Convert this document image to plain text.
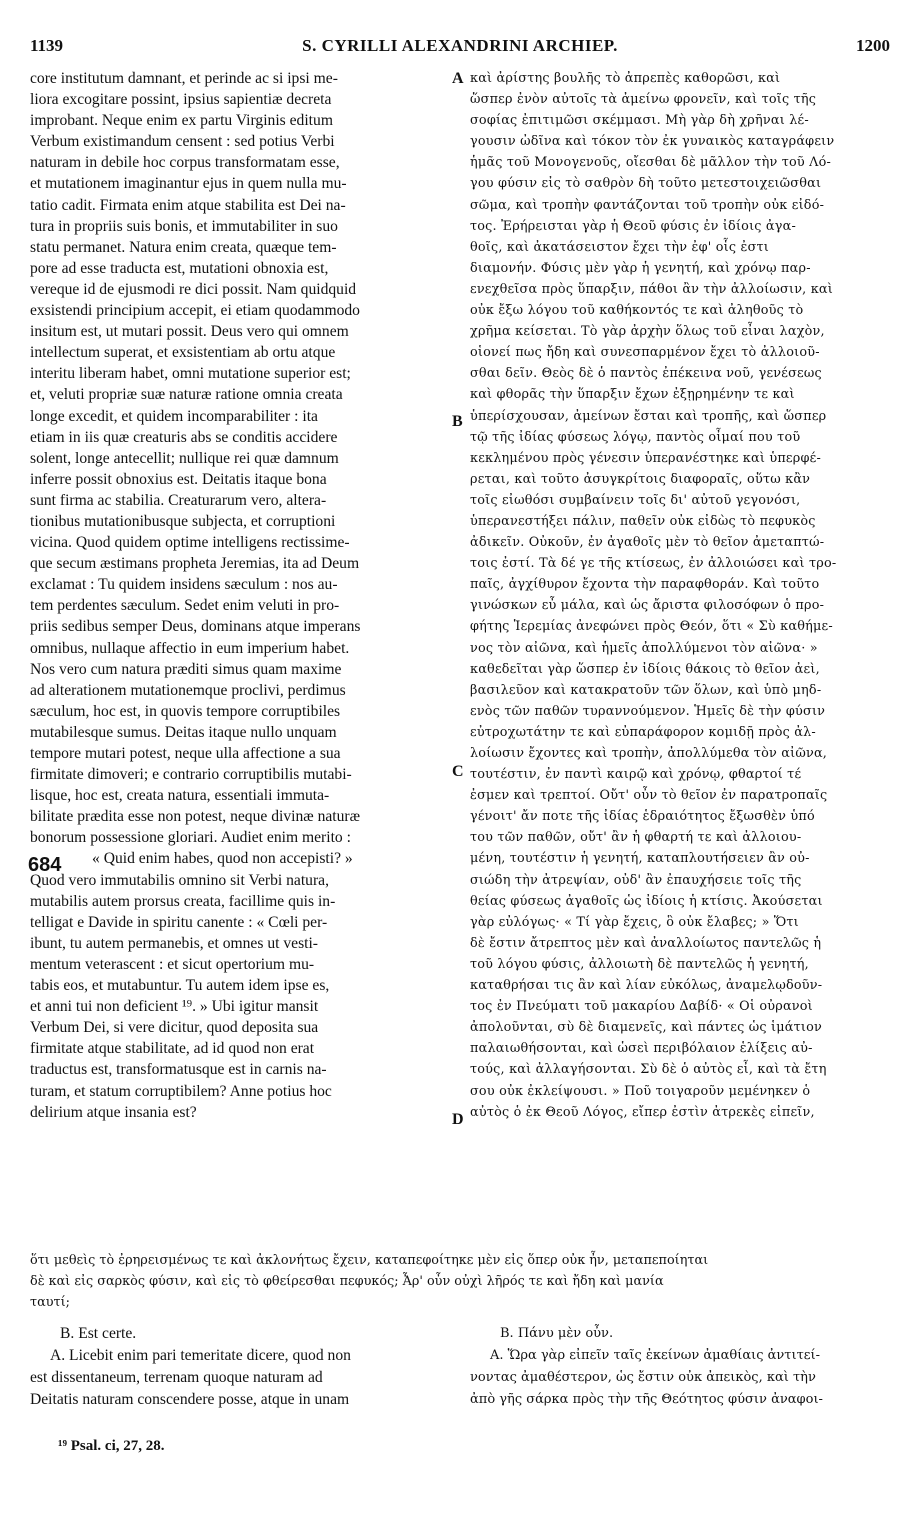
1139	S. CYRILLI ALEXANDRINI ARCHIEP.	1200
core institutum damnant, et perinde ac si ipsi me-
liora excogitare possint, ipsius sapientiæ decreta
improbant. Neque enim ex partu Virginis editum
Verbum existimandum censent : sed potius Verbi
naturam in debile hoc corpus transformatam esse,
et mutationem imaginantur ejus in quem nulla mu-
tatio cadit. Firmata enim atque stabilita est Dei na-
tura in propriis suis bonis, et immutabiliter in suo
statu permanet. Natura enim creata, quæque tem-
pore ad esse traducta est, mutationi obnoxia est,
vereque id de ejusmodi re dici possit. Nam quidquid
exsistendi principium accepit, ei etiam quodammodo
insitum est, ut mutari possit. Deus vero qui omnem
intellectum superat, et exsistentiam ab ortu atque
interitu liberam habet, omni mutatione superior est;
et, veluti propriæ suæ naturæ ratione omnia creata
longe excedit, et quidem incomparabiliter : ita
etiam in iis quæ creaturis abs se conditis accidere
solent, longe antecellit; nullique rei quæ damnum
inferre possit obnoxius est. Deitatis itaque bona
sunt firma ac stabilia. Creaturarum vero, altera-
tionibus mutationibusque subjecta, et corruptioni
vicina. Quod quidem optime intelligens rectissime-
que secum æstimans propheta Jeremias, ita ad Deum
exclamat : Tu quidem insidens sæculum : nos au-
tem perdentes sæculum. Sedet enim veluti in pro-
priis sedibus semper Deus, dominans atque imperans
omnibus, nullaque affectio in eum imperium habet.
Nos vero cum natura præditi simus quam maxime
ad alterationem mutationemque proclivi, perdimus
sæculum, hoc est, in quovis tempore corruptibiles
mutabilesque sumus. Deitas itaque nullo unquam
tempore mutari potest, neque ulla affectione a sua
firmitate dimoveri; e contrario corruptibilis mutabi-
lisque, hoc est, creata natura, essentiali immuta-
bilitate prædita esse non potest, neque divinæ naturæ
bonorum possessione gloriari. Audiet enim merito :
« Quid enim habes, quod non accepisti? »
Quod vero immutabilis omnino sit Verbi natura,
mutabilis autem prorsus creata, facillime quis in-
telligat e Davide in spiritu canente : « Cœli per-
ibunt, tu autem permanebis, et omnes ut vesti-
mentum veterascent : et sicut opertorium mu-
tabis eos, et mutabuntur. Tu autem idem ipse es,
et anni tui non deficient ¹⁹. » Ubi igitur mansit
Verbum Dei, si vere dicitur, quod deposita sua
firmitate atque stabilitate, ad id quod non erat
traductus est, transformatusque est in carnis na-
turam, et statum corruptibilem? Anne potius hoc
delirium atque insania est?
καὶ ἀρίστης βουλῆς τὸ ἀπρεπὲς καθορῶσι, καὶ
ὥσπερ ἐνὸν αὐτοῖς τὰ ἀμείνω φρονεῖν, καὶ τοῖς τῆς
σοφίας ἐπιτιμῶσι σκέμμασι. Μὴ γὰρ δὴ χρῆναι λέ-
γουσιν ὠδῖνα καὶ τόκον τὸν ἐκ γυναικὸς καταγράφειν
ἡμᾶς τοῦ Μονογενοῦς, οἴεσθαι δὲ μᾶλλον τὴν τοῦ Λό-
γου φύσιν εἰς τὸ σαθρὸν δὴ τοῦτο μετεστοιχειῶσθαι
σῶμα, καὶ τροπὴν φαντάζονται τοῦ τροπὴν οὐκ εἰδό-
τος. Ἐρήρεισται γὰρ ἡ Θεοῦ φύσις ἐν ἰδίοις ἀγα-
θοῖς, καὶ ἀκατάσειστον ἔχει τὴν ἐφ' οἷς ἐστι
διαμονήν. Φύσις μὲν γὰρ ἡ γενητή, καὶ χρόνῳ παρ-
ενεχθεῖσα πρὸς ὕπαρξιν, πάθοι ἂν τὴν ἀλλοίωσιν, καὶ
οὐκ ἔξω λόγου τοῦ καθήκοντός τε καὶ ἀληθοῦς τὸ
χρῆμα κείσεται. Τὸ γὰρ ἀρχὴν ὅλως τοῦ εἶναι λαχὸν,
οἱονεί πως ἤδη καὶ συνεσπαρμένον ἔχει τὸ ἀλλοιοῦ-
σθαι δεῖν. Θεὸς δὲ ὁ παντὸς ἐπέκεινα νοῦ, γενέσεως
καὶ φθορᾶς τὴν ὕπαρξιν ἔχων ἐξῃρημένην τε καὶ
ὑπερίσχουσαν, ἀμείνων ἔσται καὶ τροπῆς, καὶ ὥσπερ
τῷ τῆς ἰδίας φύσεως λόγῳ, παντὸς οἶμαί που τοῦ
κεκλημένου πρὸς γένεσιν ὑπερανέστηκε καὶ ὑπερφέ-
ρεται, καὶ τοῦτο ἀσυγκρίτοις διαφοραῖς, οὕτω κἂν
τοῖς εἰωθόσι συμβαίνειν τοῖς δι' αὐτοῦ γεγονόσι,
ὑπερανεστήξει πάλιν, παθεῖν οὐκ εἰδὼς τὸ πεφυκὸς
ἀδικεῖν. Οὐκοῦν, ἐν ἀγαθοῖς μὲν τὸ θεῖον ἀμεταπτώ-
τοις ἐστί. Τὰ δέ γε τῆς κτίσεως, ἐν ἀλλοιώσει καὶ τρο-
παῖς, ἀγχίθυρον ἔχοντα τὴν παραφθοράν. Καὶ τοῦτο
γινώσκων εὖ μάλα, καὶ ὡς ἄριστα φιλοσόφων ὁ προ-
φήτης Ἱερεμίας ἀνεφώνει πρὸς Θεόν, ὅτι « Σὺ καθήμε-
νος τὸν αἰῶνα, καὶ ἡμεῖς ἀπολλύμενοι τὸν αἰῶνα· »
καθεδεῖται γὰρ ὥσπερ ἐν ἰδίοις θάκοις τὸ θεῖον ἀεὶ,
βασιλεῦον καὶ κατακρατοῦν τῶν ὅλων, καὶ ὑπὸ μηδ-
ενὸς τῶν παθῶν τυραννούμενον. Ἡμεῖς δὲ τὴν φύσιν
εὐτροχωτάτην τε καὶ εὐπαράφορον κομιδῇ πρὸς ἀλ-
λοίωσιν ἔχοντες καὶ τροπὴν, ἀπολλύμεθα τὸν αἰῶνα,
τουτέστιν, ἐν παντὶ καιρῷ καὶ χρόνῳ, φθαρτοί τέ
ἐσμεν καὶ τρεπτοί. Οὔτ' οὖν τὸ θεῖον ἐν παρατροπαῖς
γένοιτ' ἄν ποτε τῆς ἰδίας ἑδραιότητος ἔξωσθὲν ὑπό
του τῶν παθῶν, οὔτ' ἂν ἡ φθαρτή τε καὶ ἀλλοιου-
μένη, τουτέστιν ἡ γενητή, καταπλουτήσειεν ἂν οὐ-
σιώδη τὴν ἀτρεψίαν, οὐδ' ἂν ἐπαυχήσειε τοῖς τῆς
θείας φύσεως ἀγαθοῖς ὡς ἰδίοις ἡ κτίσις. Ἀκούσεται
γὰρ εὐλόγως· « Τί γὰρ ἔχεις, ὃ οὐκ ἔλαβες; » Ὅτι
δὲ ἔστιν ἄτρεπτος μὲν καὶ ἀναλλοίωτος παντελῶς ἡ
τοῦ λόγου φύσις, ἀλλοιωτὴ δὲ παντελῶς ἡ γενητή,
καταθρήσαι τις ἂν καὶ λίαν εὐκόλως, ἀναμελῳδοῦν-
τος ἐν Πνεύματι τοῦ μακαρίου Δαβίδ· « Οἱ οὐρανοὶ
ἀπολοῦνται, σὺ δὲ διαμενεῖς, καὶ πάντες ὡς ἱμάτιον
παλαιωθήσονται, καὶ ὡσεὶ περιβόλαιον ἑλίξεις αὐ-
τούς, καὶ ἀλλαγήσονται. Σὺ δὲ ὁ αὐτὸς εἶ, καὶ τὰ ἔτη
σου οὐκ ἐκλείψουσι. » Ποῦ τοιγαροῦν μεμένηκεν ὁ
αὐτὸς ὁ ἐκ Θεοῦ Λόγος, εἴπερ ἐστὶν ἀτρεκὲς εἰπεῖν,
A
B
C
D
684
ὅτι μεθεὶς τὸ ἐρηρεισμένως τε καὶ ἀκλονήτως ἔχειν, καταπεφοίτηκε μὲν εἰς ὅπερ οὐκ ἦν, μεταπεποίηται
δὲ καὶ εἰς σαρκὸς φύσιν, καὶ εἰς τὸ φθείρεσθαι πεφυκός; Ἆρ' οὖν οὐχὶ λῆρός τε καὶ ἤδη καὶ μανία
ταυτί;
B. Est certe.
A. Licebit enim pari temeritate dicere, quod non
est dissentaneum, terrenam quoque naturam ad
Deitatis naturam conscendere posse, atque in unam
B. Πάνυ μὲν οὖν.
A. Ὥρα γὰρ εἰπεῖν ταῖς ἐκείνων ἀμαθίαις ἀντιτεί-
νοντας ἀμαθέστερον, ὡς ἔστιν οὐκ ἀπεικὸς, καὶ τὴν
ἀπὸ γῆς σάρκα πρὸς τὴν τῆς Θεότητος φύσιν ἀναφοι-
¹⁹ Psal. ci, 27, 28.
